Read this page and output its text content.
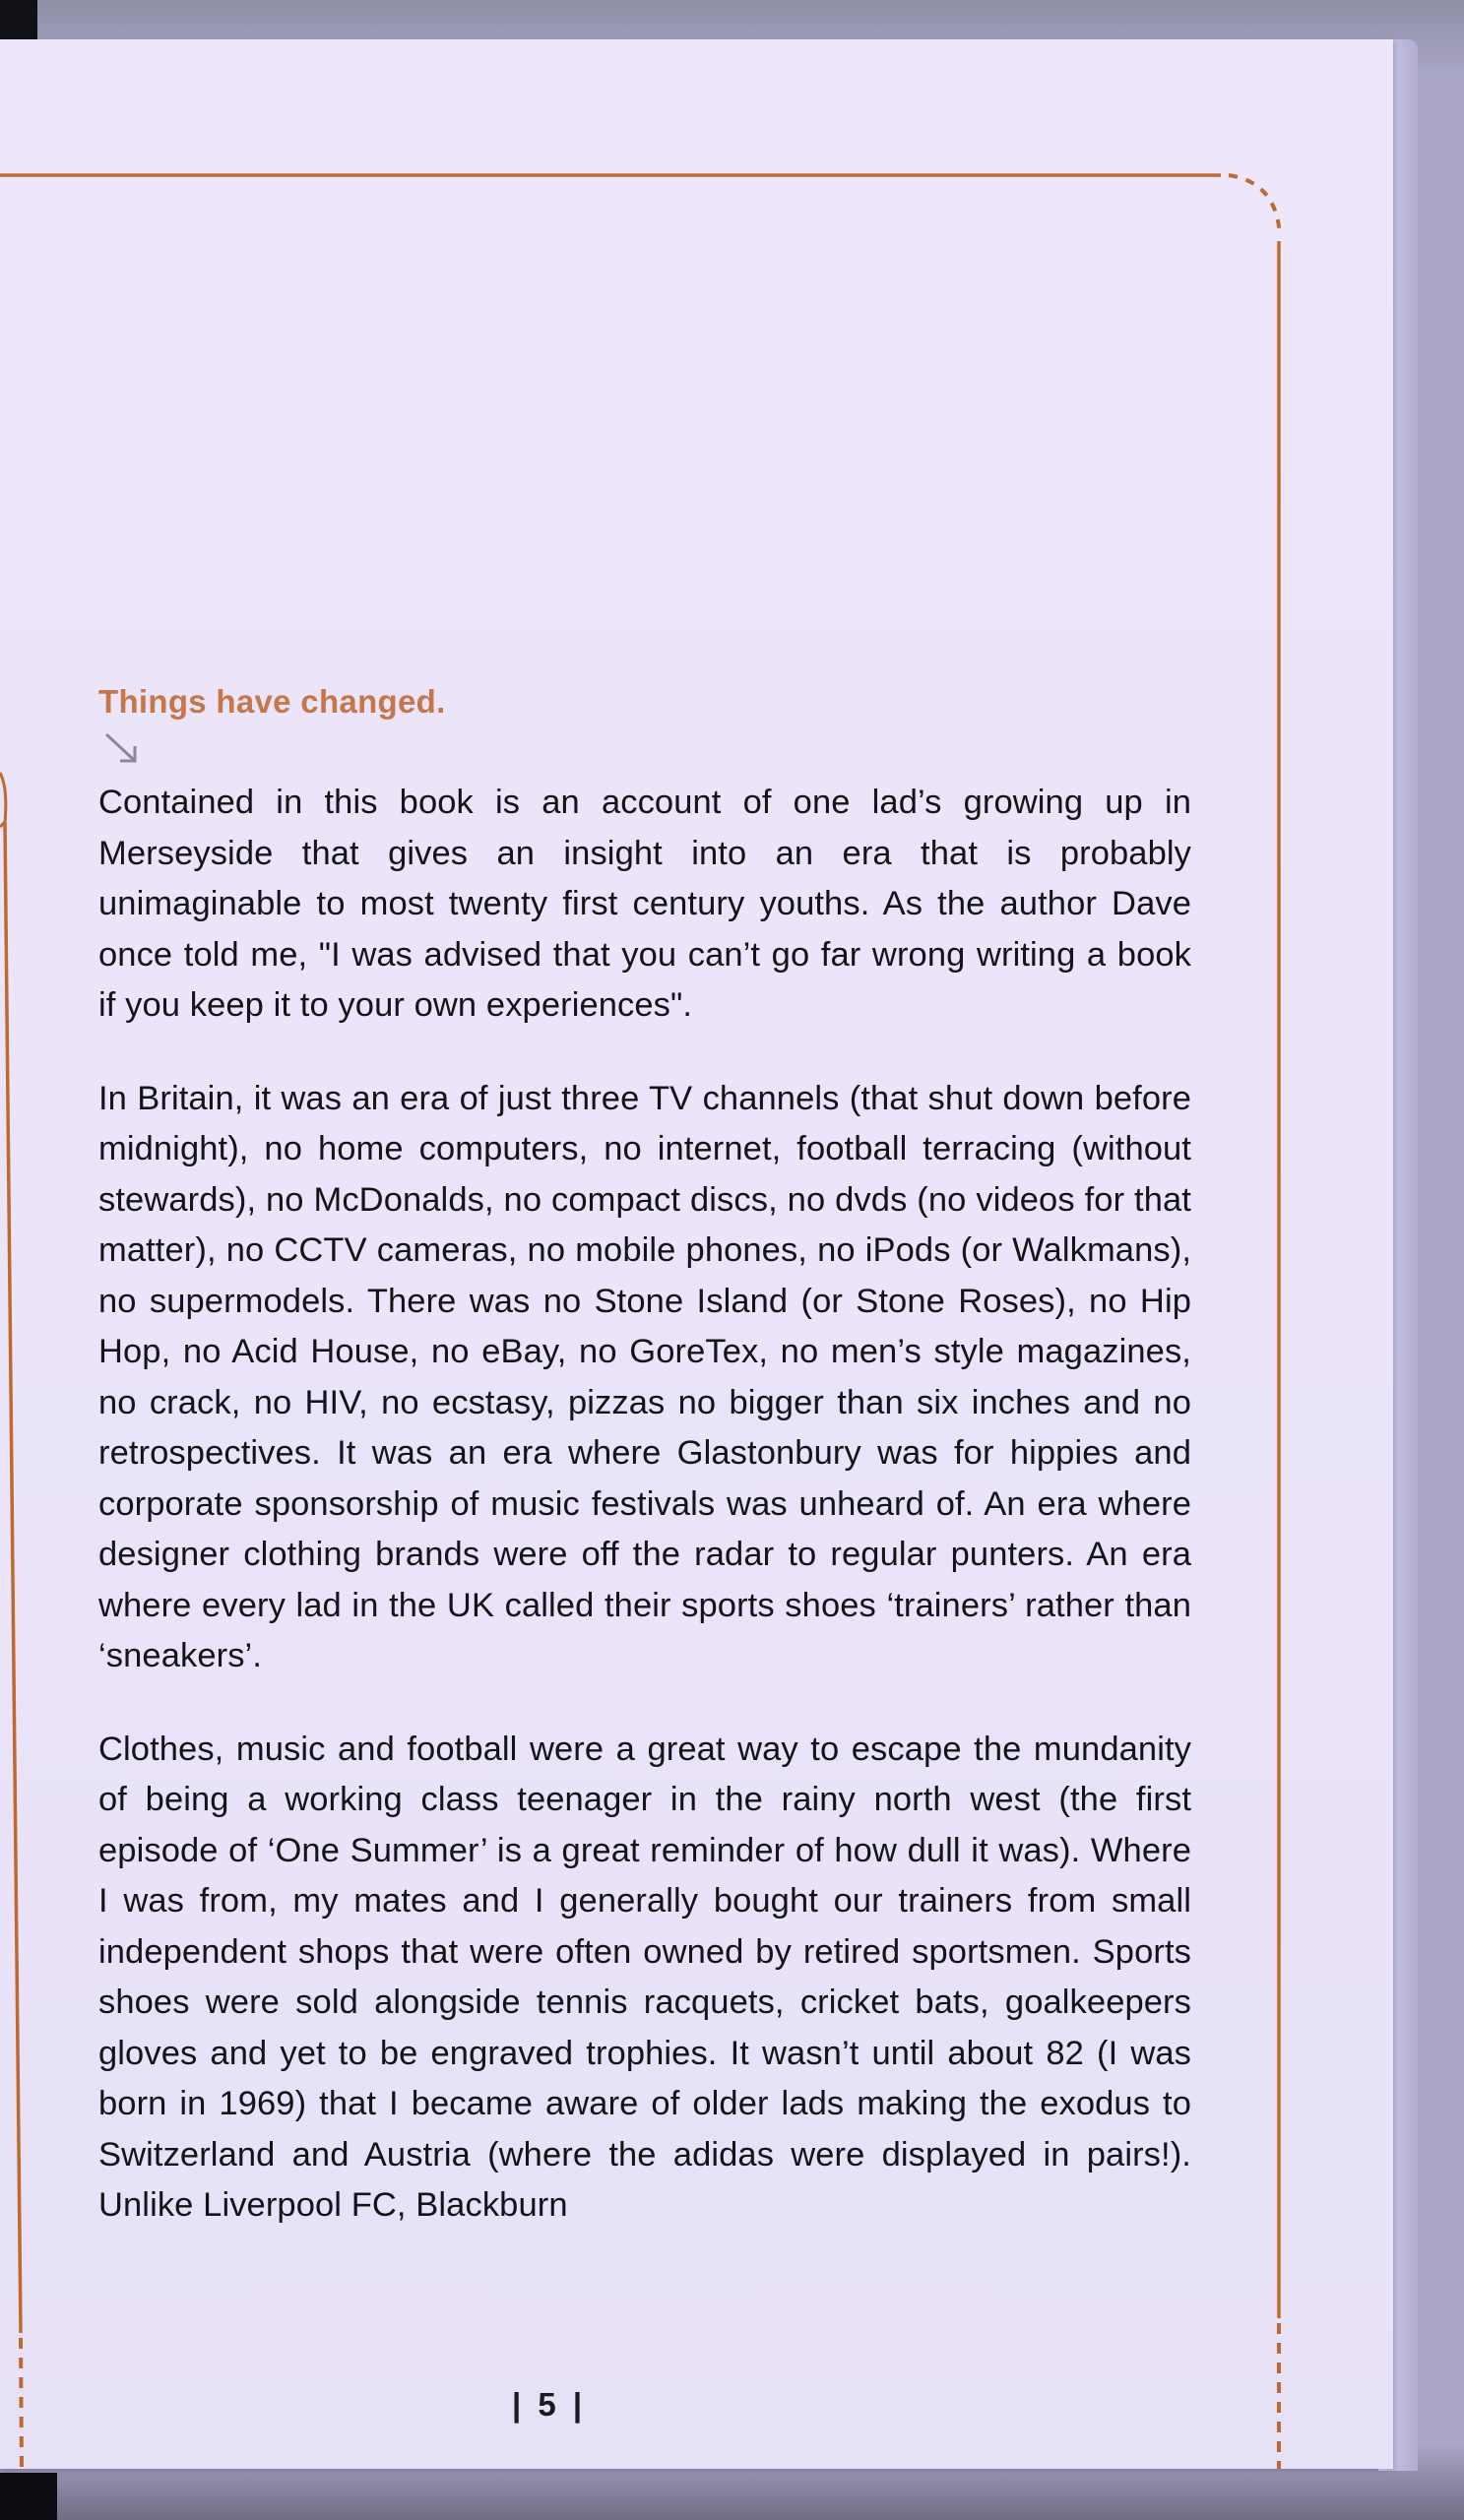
Things have changed.

Contained in this book is an account of one lad’s growing up in Merseyside that gives an insight into an era that is probably unimaginable to most twenty first century youths. As the author Dave once told me, "I was advised that you can’t go far wrong writing a book if you keep it to your own experiences".

In Britain, it was an era of just three TV channels (that shut down before midnight), no home computers, no internet, football terracing (without stewards), no McDonalds, no compact discs, no dvds (no videos for that matter), no CCTV cameras, no mobile phones, no iPods (or Walkmans), no supermodels. There was no Stone Island (or Stone Roses), no Hip Hop, no Acid House, no eBay, no GoreTex, no men’s style magazines, no crack, no HIV, no ecstasy, pizzas no bigger than six inches and no retrospectives. It was an era where Glastonbury was for hippies and corporate sponsorship of music festivals was unheard of. An era where designer clothing brands were off the radar to regular punters. An era where every lad in the UK called their sports shoes ‘trainers’ rather than ‘sneakers’.

Clothes, music and football were a great way to escape the mundanity of being a working class teenager in the rainy north west (the first episode of ‘One Summer’ is a great reminder of how dull it was). Where I was from, my mates and I generally bought our trainers from small independent shops that were often owned by retired sportsmen. Sports shoes were sold alongside tennis racquets, cricket bats, goalkeepers gloves and yet to be engraved trophies. It wasn’t until about 82 (I was born in 1969) that I became aware of older lads making the exodus to Switzerland and Austria (where the adidas were displayed in pairs!). Unlike Liverpool FC, Blackburn

| 5 |
